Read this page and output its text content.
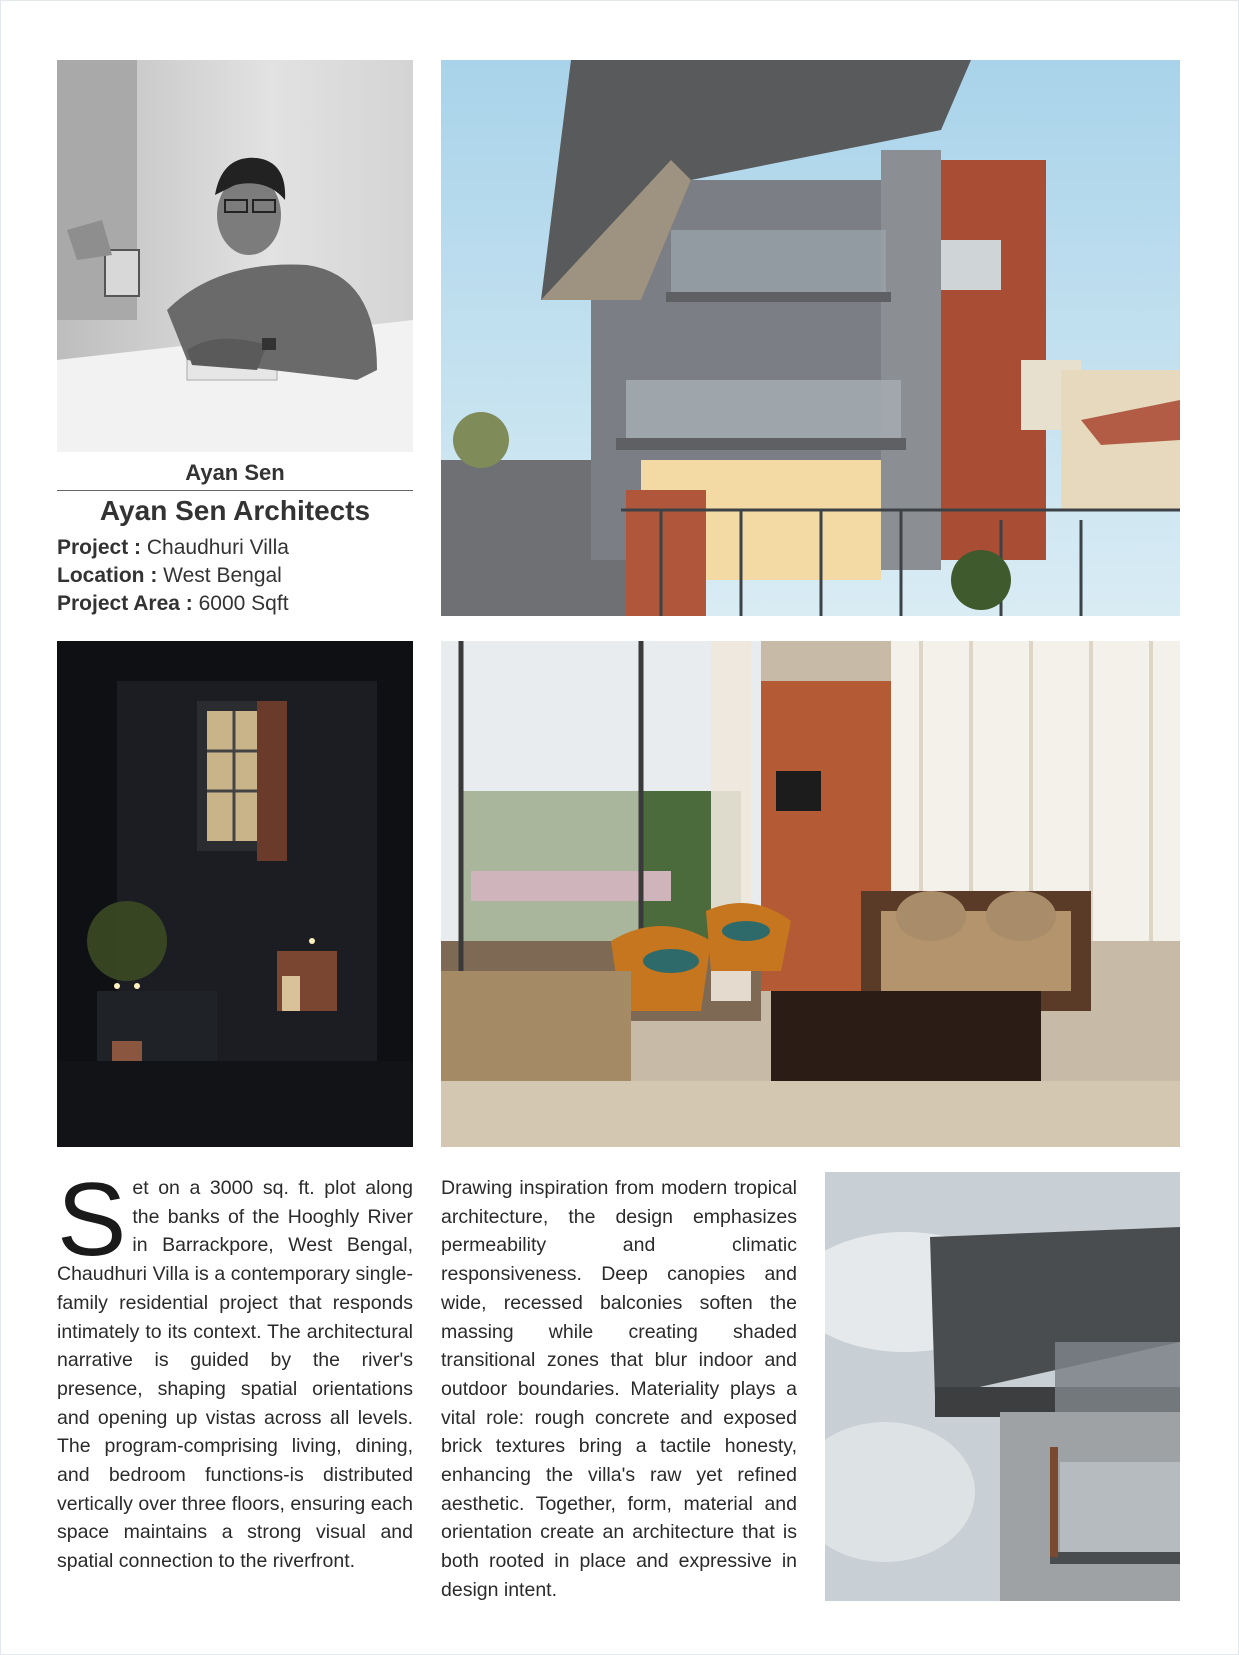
Ayan Sen
Ayan Sen Architects
Project : Chaudhuri Villa
Location : West Bengal
Project Area : 6000 Sqft
Set on a 3000 sq. ft. plot along the banks of the Hooghly River in Barrackpore, West Bengal, Chaudhuri Villa is a contemporary single-family residential project that responds intimately to its context. The architectural narrative is guided by the river's presence, shaping spatial orientations and opening up vistas across all levels. The program-comprising living, dining, and bedroom functions-is distributed vertically over three floors, ensuring each space maintains a strong visual and spatial connection to the riverfront.
Drawing inspiration from modern tropical architecture, the design emphasizes permeability and climatic responsiveness. Deep canopies and wide, recessed balconies soften the massing while creating shaded transitional zones that blur indoor and outdoor boundaries. Materiality plays a vital role: rough concrete and exposed brick textures bring a tactile honesty, enhancing the villa's raw yet refined aesthetic. Together, form, material and orientation create an architecture that is both rooted in place and expressive in design intent.
